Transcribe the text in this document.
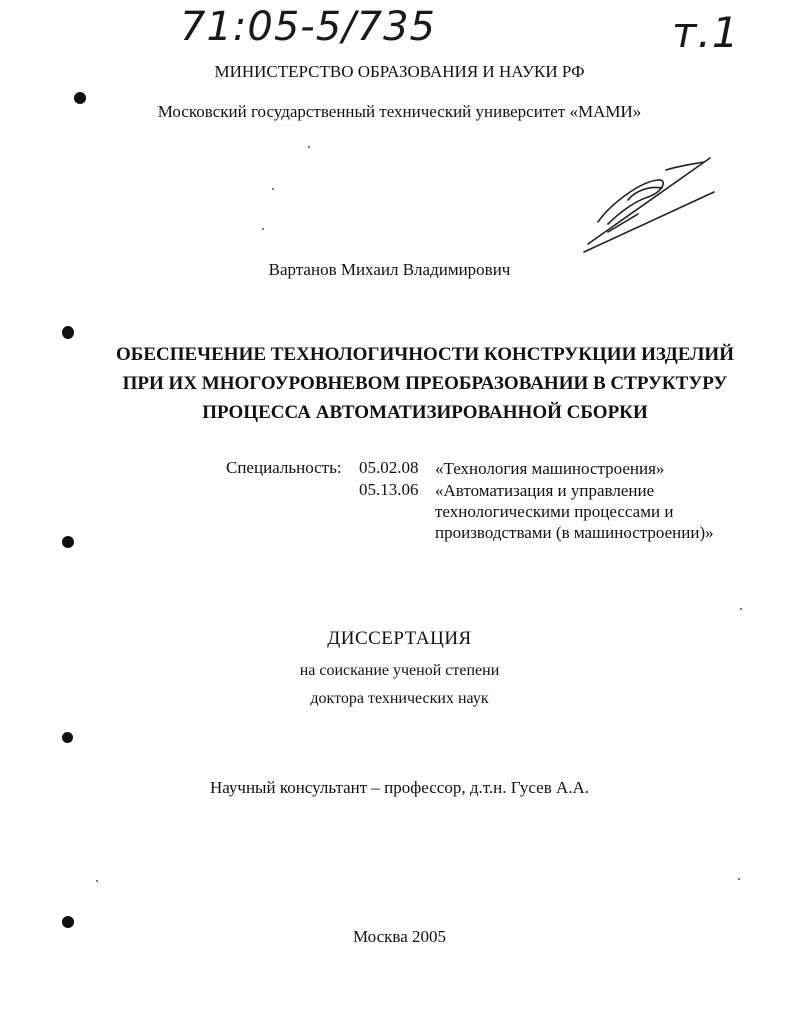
71:05-5/735	т.1
МИНИСТЕРСТВО ОБРАЗОВАНИЯ И НАУКИ РФ
Московский государственный технический университет «МАМИ»
Вартанов Михаил Владимирович
ОБЕСПЕЧЕНИЕ ТЕХНОЛОГИЧНОСТИ КОНСТРУКЦИИ ИЗДЕЛИЙ
ПРИ ИХ МНОГОУРОВНЕВОМ ПРЕОБРАЗОВАНИИ В СТРУКТУРУ
ПРОЦЕССА АВТОМАТИЗИРОВАННОЙ СБОРКИ
Специальность: 05.02.08 «Технология машиностроения»
05.13.06 «Автоматизация и управление
технологическими процессами и
производствами (в машиностроении)»
ДИССЕРТАЦИЯ
на соискание ученой степени
доктора технических наук
Научный консультант – профессор, д.т.н. Гусев А.А.
Москва 2005
